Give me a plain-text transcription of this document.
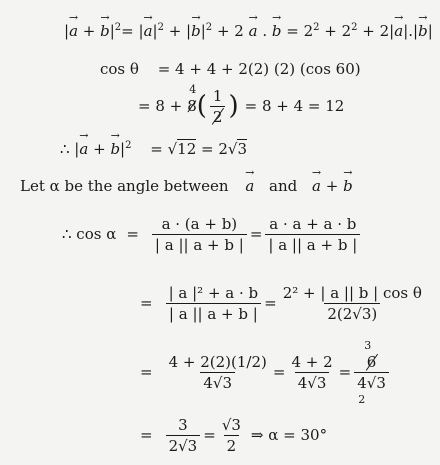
|→ a + → $b|^2=$ |→ $a|^2$ + |→ $b|^2 + 2 \to a$ . → $b = 2^2 + 2^2 + 2|\to a|.|\to b|$
cos θ = 4 + 4 + 2(2) (2) (cos 60)
= 8 + 8
4
( $\frac{1}{2}$ ) = 8 + 4 = 12
∴ |→ a + → $b|^2 = √12 = 2√3$
Let α be the angle between → a and → a + → b
∴ $\cos \alpha = \frac{a \cdot (a + b)}{| a || a + b |} = \frac{a \cdot a + a \cdot b}{| a || a + b |}$
= $\frac{\text{| a |² + a · b}}{| a || a + b |} = \frac{\text{2² + | a || b | cos θ}}{2(2√3)}$
= $\frac{4 + 2(2)(1/2)}{4√3} = \frac{4 + 2}{4√3}$ =
3
6
4√3
2
= $\frac{3}{2√3} = \frac{√3}{2}$ ⇒ α = 30°
